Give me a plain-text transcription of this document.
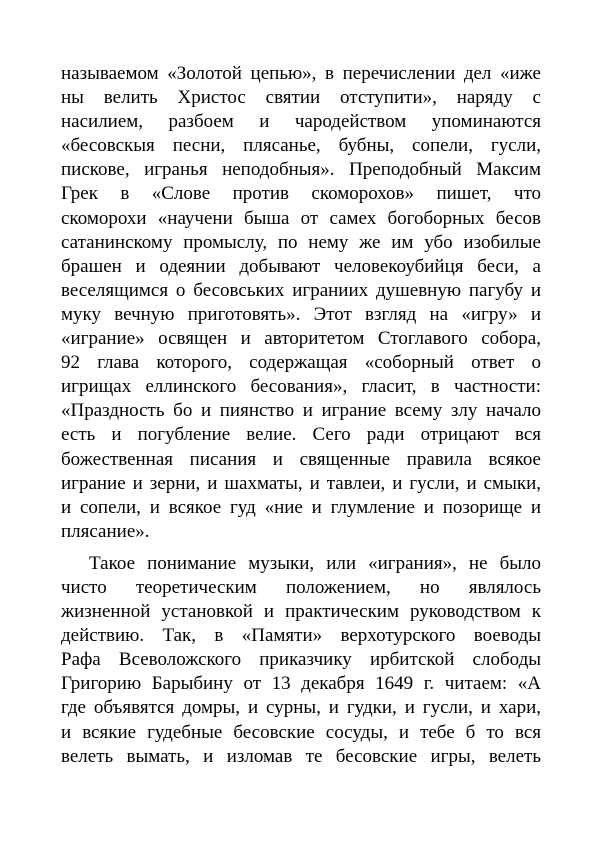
называемом «Золотой цепью», в перечислении дел «иже
ны велить Христос святии отступити», наряду с
насилием, разбоем и чародейством упоминаются
«бесовскыя песни, плясанье, бубны, сопели, гусли,
пискове, игранья неподобныя». Преподобный Максим
Грек в «Слове против скоморохов» пишет, что
скоморохи «научени быша от самех богоборных бесов
сатанинскому промыслу, по нему же им убо изобилые
брашен и одеянии добывают человекоубийця беси, а
веселящимся о бесовських игрaниих душевную пагубу и
муку вечную приготовять». Этот взгляд на «игру» и
«игрaние» освящен и авторитетом Стоглавого собора,
92 глава которого, содержащая «соборный ответ о
игрищах еллинского бесования», гласит, в частности:
«Праздность бо и пиянство и игрaние всему злу начало
есть и погубление велие. Сего ради отрицают вся
божественная писания и священные правила всякое
игрaние и зерни, и шахматы, и тавлеи, и гусли, и смыки,
и сопели, и всякое гуд «ние и глумление и позорище и
плясание».
Такое понимание музыки, или «игрaния», не было
чисто теоретическим положением, но являлось
жизненной установкой и практическим руководством к
действию. Так, в «Памяти» верхотурского воеводы
Рафа Всеволожского приказчику ирбитской слободы
Григорию Барыбину от 13 декабря 1649 г. читаем: «А
где объявятся домры, и сурны, и гудки, и гусли, и хари,
и всякие гудебные бесовские сосуды, и тебе б то вся
велеть вымать, и изломав те бесовские игры, велеть
